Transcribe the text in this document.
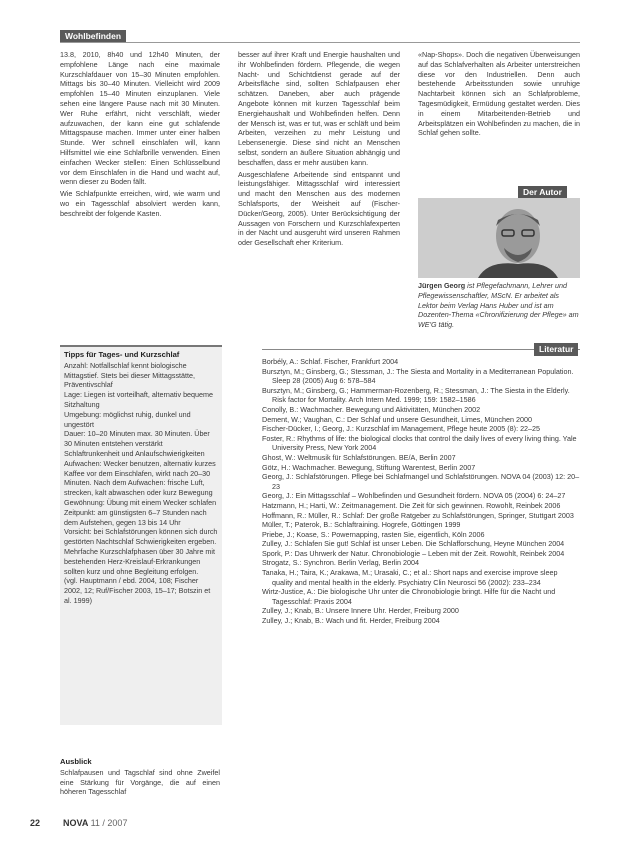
Wohlbefinden

13.8, 2010, 8h40 und 12h40 Minuten, der empfohlene Länge nach eine maximale Kurzschlafdauer von 15–30 Minuten empfohlen. Mittags bis 30–40 Minuten. Vielleicht wird 2009 empfohlen 15–40 Minuten einzuplanen. Viele sehen eine längere Pause nach mit 30 Minuten. Wer Ruhe erfährt, nicht verschläft, wieder aufzuwachen, der kann eine gut schlafende Mittagspause machen. Immer unter einer halben Stunde. Wer schnell einschlafen will, kann Hilfsmittel wie eine Schlafbrille verwenden. Einen einfachen Wecker stellen: Einen Schlüsselbund vor dem Einschlafen in die Hand und wacht auf, wenn dieser zu Boden fällt.

Wie Schlafpunkte erreichen, wird, wie warm und wo ein Tagesschlaf absolviert werden kann, beschreibt der folgende Kasten.

Tipps für Tages- und Kurzschlaf

Anzahl: Notfallschlaf kennt biologische Mittagstief. Stets bei dieser Mittagsstätte, Präventivschlaf

Lage: Liegen ist vorteilhaft, alternativ bequeme Sitzhaltung

Umgebung: möglichst ruhig, dunkel und ungestört

Dauer: 10–20 Minuten max. 30 Minuten. Über 30 Minuten entstehen verstärkt Schlaftrunkenheit und Anlaufschwierigkeiten

Aufwachen: Wecker benutzen, alternativ kurzes Kaffee vor dem Einschlafen, wirkt nach 20–30 Minuten. Nach dem Aufwachen: frische Luft, strecken, kalt abwaschen oder kurz Bewegung

Gewöhnung: Übung mit einem Wecker schlafen

Zeitpunkt: am günstigsten 6–7 Stunden nach dem Aufstehen, gegen 13 bis 14 Uhr

Vorsicht: bei Schlafstörungen können sich durch gestörten Nachtschlaf Schwierigkeiten ergeben. Mehrfache Kurzschlafphasen über 30 Jahre mit bestehenden Herz-Kreislauf-Erkrankungen sollten kurz und ohne Begleitung erfolgen.

(vgl. Hauptmann / ebd. 2004, 108; Fischer 2002, 12; Ruf/Fischer 2003, 15–17; Botszin et al. 1999)

Ausblick

Schlafpausen und Tagschlaf sind ohne Zweifel eine Stärkung für Vorgänge, die auf einen höheren Tagesschlaf

besser auf ihrer Kraft und Energie haushalten und ihr Wohlbefinden fördern. Pflegende, die wegen Nacht- und Schichtdienst gerade auf der Arbeitsfläche sind, sollten Schlafpausen eher schätzen. Daneben, aber auch prägende Angebote können mit kurzen Tagesschlaf beim Energiehaushalt und Wohlbefinden helfen. Denn der Mensch ist, was er tut, was er schläft und beim Arbeiten, verzeihen zu mehr Leistung und Lebensenergie. Diese sind nicht an Menschen selbst, sondern an äußere Situation abhängig und beschaffen, dass er mehr ausüben kann.

Ausgeschlafene Arbeitende sind entspannt und leistungsfähiger. Mittagsschlaf wird interessiert und macht den Menschen aus des modernen Schlafsports, der Weisheit auf (Fischer-Dücker/Georg, 2005). Unter Berücksichtigung der Aussagen von Forschern und Kurzschlafexperten in der Nacht und ausgeruht wird unseren Rahmen oder Gesellschaft eher Kriterium.

«Nap-Shops». Doch die negativen Überweisungen auf das Schlafverhalten als Arbeiter unterstreichen diese vor den Industriellen. Denn auch bestehende Arbeitsstunden sowie unruhige Nachtarbeit können sich an Schlafprobleme, Tagesmüdigkeit, Ermüdung gestaltet werden. Dies in einem Mitarbeitenden-Betrieb und Arbeitsplätzen ein Wohlbefinden zu machen, die in Schlaf gehen sollte.

Der Autor
Jürgen Georg ist Pflegefachmann, Lehrer und Pflegewissenschaftler, MScN. Er arbeitet als Lektor beim Verlag Hans Huber und ist am Dozenten-Thema «Chronifizierung der Pflege» am WE'G tätig.
Literatur

Borbély, A.: Schlaf. Fischer, Frankfurt 2004

Bursztyn, M.; Ginsberg, G.; Stessman, J.: The Siesta and Mortality in a Mediterranean Population. Sleep 28 (2005) Aug 6: 578–584

Bursztyn, M.; Ginsberg, G.; Hammerman-Rozenberg, R.; Stessman, J.: The Siesta in the Elderly. Risk factor for Mortality. Arch Intern Med. 1999; 159: 1582–1586

Conolly, B.: Wachmacher. Bewegung und Aktivitäten, München 2002

Dement, W.; Vaughan, C.: Der Schlaf und unsere Gesundheit, Limes, München 2000

Fischer-Dücker, I.; Georg, J.: Kurzschlaf im Management, Pflege heute 2005 (8): 22–25

Foster, R.: Rhythms of life: the biological clocks that control the daily lives of every living thing. Yale University Press, New York 2004

Ghost, W.: Weltmusik für Schlafstörungen. BE/A, Berlin 2007

Götz, H.: Wachmacher. Bewegung, Stiftung Warentest, Berlin 2007

Georg, J.: Schlafstörungen. Pflege bei Schlafmangel und Schlafstörungen. NOVA 04 (2003) 12: 20–23

Georg, J.: Ein Mittagsschlaf – Wohlbefinden und Gesundheit fördern. NOVA 05 (2004) 6: 24–27

Hatzmann, H.; Harti, W.: Zeitmanagement. Die Zeit für sich gewinnen. Rowohlt, Reinbek 2006

Hoffmann, R.: Müller, R.: Schlaf: Der große Ratgeber zu Schlafstörungen, Springer, Stuttgart 2003

Müller, T.; Paterok, B.: Schlaftraining. Hogrefe, Göttingen 1999

Priebe, J.; Koase, S.: Powernapping, rasten Sie, eigentlich, Köln 2006

Zulley, J.: Schlafen Sie gut! Schlaf ist unser Leben. Die Schlafforschung, Heyne München 2004

Spork, P.: Das Uhrwerk der Natur. Chronobiologie – Leben mit der Zeit. Rowohlt, Reinbek 2004

Strogatz, S.: Synchron. Berlin Verlag, Berlin 2004

Tanaka, H.; Taira, K.; Arakawa, M.; Urasaki, C.; et al.: Short naps and exercise improve sleep quality and mental health in the elderly. Psychiatry Clin Neurosci 56 (2002): 233–234

Wirtz-Justice, A.: Die biologische Uhr unter die Chronobiologie bringt. Hilfe für die Nacht und Tagesschlaf: Praxis 2004

Zulley, J.; Knab, B.: Unsere Innere Uhr. Herder, Freiburg 2000

Zulley, J.; Knab, B.: Wach und fit. Herder, Freiburg 2004

22	NOVA 11 / 2007
